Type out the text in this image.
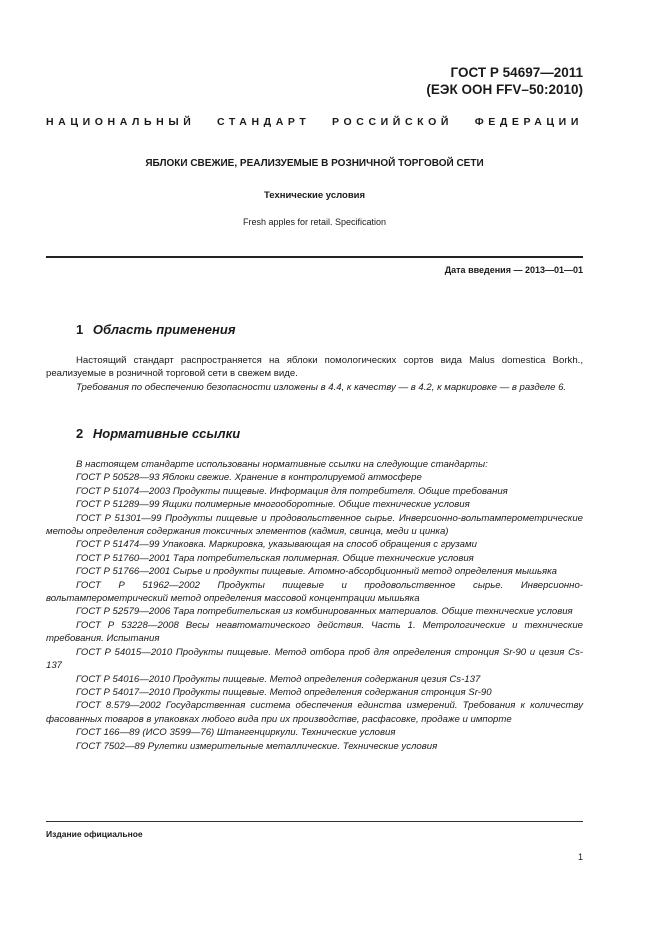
ГОСТ Р 54697—2011
(ЕЭК ООН FFV–50:2010)
НАЦИОНАЛЬНЫЙ СТАНДАРТ РОССИЙСКОЙ ФЕДЕРАЦИИ
ЯБЛОКИ СВЕЖИЕ, РЕАЛИЗУЕМЫЕ В РОЗНИЧНОЙ ТОРГОВОЙ СЕТИ
Технические условия
Fresh apples for retail. Specification
Дата введения — 2013—01—01
1 Область применения

Настоящий стандарт распространяется на яблоки помологических сортов вида Malus domestica Borkh., реализуемые в розничной торговой сети в свежем виде.

Требования по обеспечению безопасности изложены в 4.4, к качеству — в 4.2, к маркировке — в разделе 6.

2 Нормативные ссылки

В настоящем стандарте использованы нормативные ссылки на следующие стандарты:

ГОСТ Р 50528—93 Яблоки свежие. Хранение в контролируемой атмосфере

ГОСТ Р 51074—2003 Продукты пищевые. Информация для потребителя. Общие требования

ГОСТ Р 51289—99 Ящики полимерные многооборотные. Общие технические условия

ГОСТ Р 51301—99 Продукты пищевые и продовольственное сырье. Инверсионно-вольтамперометрические методы определения содержания токсичных элементов (кадмия, свинца, меди и цинка)

ГОСТ Р 51474—99 Упаковка. Маркировка, указывающая на способ обращения с грузами

ГОСТ Р 51760—2001 Тара потребительская полимерная. Общие технические условия

ГОСТ Р 51766—2001 Сырье и продукты пищевые. Атомно-абсорбционный метод определения мышьяка

ГОСТ Р 51962—2002 Продукты пищевые и продовольственное сырье. Инверсионно-вольтамперометрический метод определения массовой концентрации мышьяка

ГОСТ Р 52579—2006 Тара потребительская из комбинированных материалов. Общие технические условия

ГОСТ Р 53228—2008 Весы неавтоматического действия. Часть 1. Метрологические и технические требования. Испытания

ГОСТ Р 54015—2010 Продукты пищевые. Метод отбора проб для определения стронция Sr-90 и цезия Cs-137

ГОСТ Р 54016—2010 Продукты пищевые. Метод определения содержания цезия Cs-137

ГОСТ Р 54017—2010 Продукты пищевые. Метод определения содержания стронция Sr-90

ГОСТ 8.579—2002 Государственная система обеспечения единства измерений. Требования к количеству фасованных товаров в упаковках любого вида при их производстве, расфасовке, продаже и импорте

ГОСТ 166—89 (ИСО 3599—76) Штангенциркули. Технические условия

ГОСТ 7502—89 Рулетки измерительные металлические. Технические условия

Издание официальное
1
